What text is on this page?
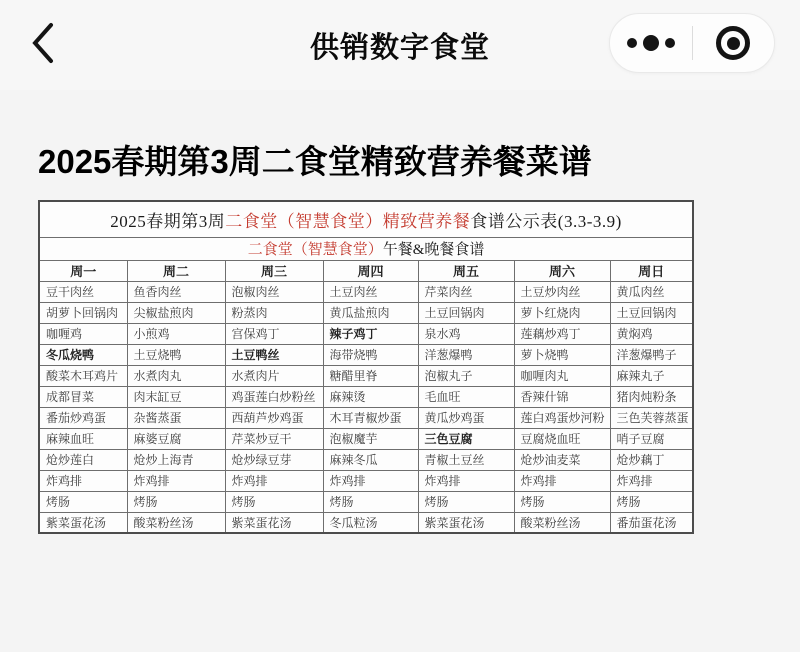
供销数字食堂
2025春期第3周二食堂精致营养餐菜谱
2025春期第3周二食堂（智慧食堂）精致营养餐食谱公示表(3.3-3.9)						
二食堂（智慧食堂）午餐&晚餐食谱						
周一	周二	周三	周四	周五	周六	周日
豆干肉丝	鱼香肉丝	泡椒肉丝	土豆肉丝	芹菜肉丝	土豆炒肉丝	黄瓜肉丝
胡萝卜回锅肉	尖椒盐煎肉	粉蒸肉	黄瓜盐煎肉	土豆回锅肉	萝卜红烧肉	土豆回锅肉
咖喱鸡	小煎鸡	宫保鸡丁	辣子鸡丁	泉水鸡	莲藕炒鸡丁	黄焖鸡
冬瓜烧鸭	土豆烧鸭	土豆鸭丝	海带烧鸭	洋葱爆鸭	萝卜烧鸭	洋葱爆鸭子
酸菜木耳鸡片	水煮肉丸	水煮肉片	糖醋里脊	泡椒丸子	咖喱肉丸	麻辣丸子
成都冒菜	肉末缸豆	鸡蛋莲白炒粉丝	麻辣烫	毛血旺	香辣什锦	猪肉炖粉条
番茄炒鸡蛋	杂酱蒸蛋	西葫芦炒鸡蛋	木耳青椒炒蛋	黄瓜炒鸡蛋	莲白鸡蛋炒河粉	三色芙蓉蒸蛋
麻辣血旺	麻婆豆腐	芹菜炒豆干	泡椒魔芋	三色豆腐	豆腐烧血旺	哨子豆腐
炝炒莲白	炝炒上海青	炝炒绿豆芽	麻辣冬瓜	青椒土豆丝	炝炒油麦菜	炝炒藕丁
炸鸡排	炸鸡排	炸鸡排	炸鸡排	炸鸡排	炸鸡排	炸鸡排
烤肠	烤肠	烤肠	烤肠	烤肠	烤肠	烤肠
紫菜蛋花汤	酸菜粉丝汤	紫菜蛋花汤	冬瓜粒汤	紫菜蛋花汤	酸菜粉丝汤	番茄蛋花汤
